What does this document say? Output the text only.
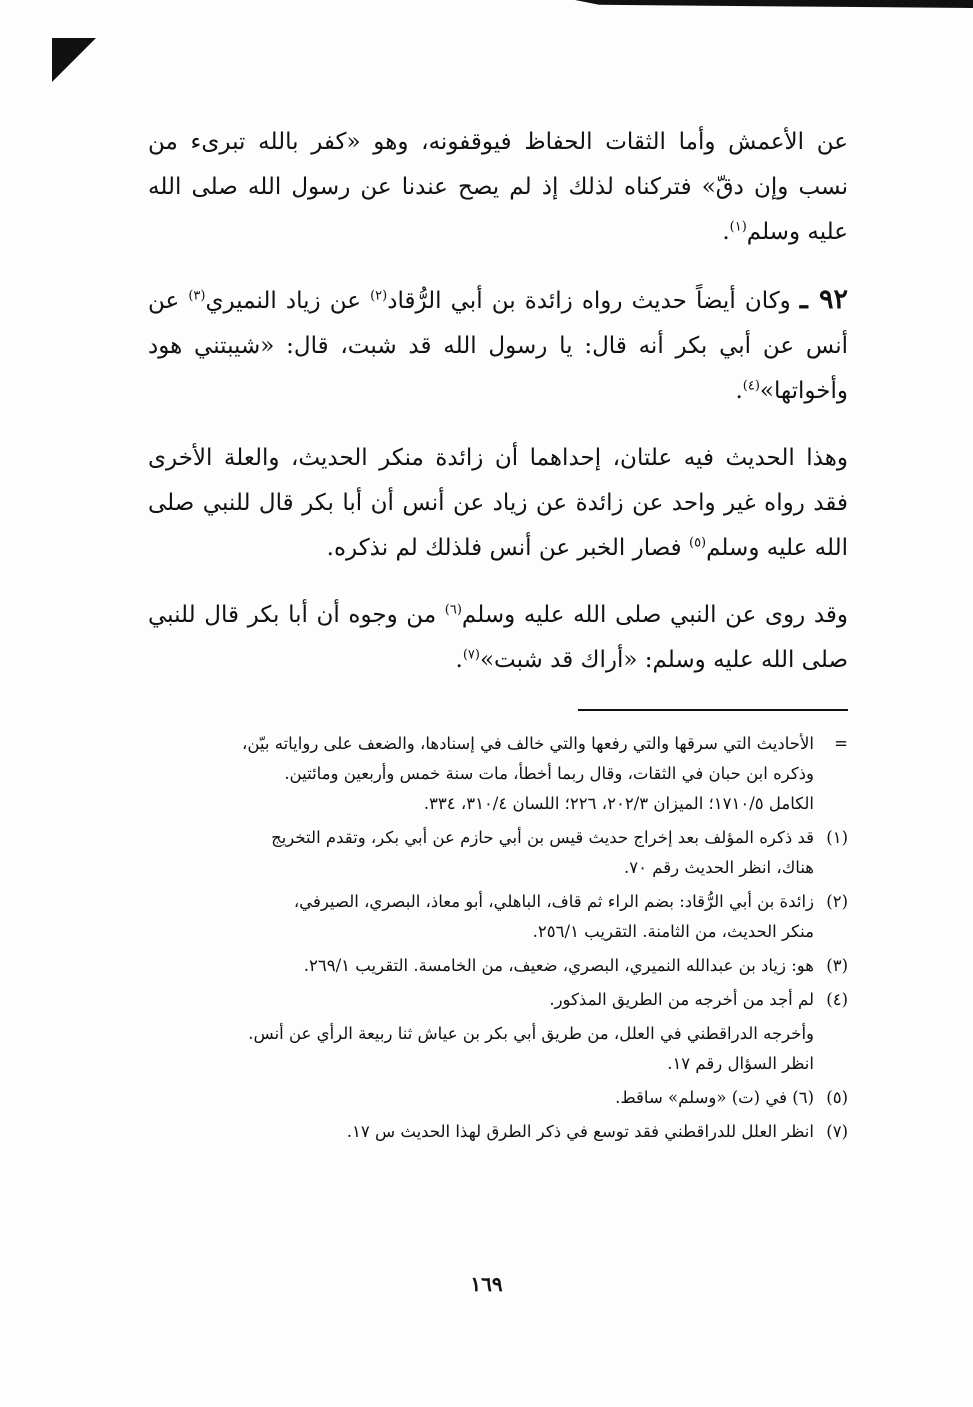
عن الأعمش وأما الثقات الحفاظ فيوقفونه، وهو «كفر بالله تبرىء من نسب وإن دقّ» فتركناه لذلك إذ لم يصح عندنا عن رسول الله صلى الله عليه وسلم$^{(١)}$.

٩٢ ـ وكان أيضاً حديث رواه زائدة بن أبي الرُّقاد$^{(٢)}$ عن زياد النميري$^{(٣)}$ عن أنس عن أبي بكر أنه قال: يا رسول الله قد شبت، قال: «شيبتني هود وأخواتها»$^{(٤)}$.

وهذا الحديث فيه علتان، إحداهما أن زائدة منكر الحديث، والعلة الأخرى فقد رواه غير واحد عن زائدة عن زياد عن أنس أن أبا بكر قال للنبي صلى الله عليه وسلم$^{(٥)}$ فصار الخبر عن أنس فلذلك لم نذكره.

وقد روى عن النبي صلى الله عليه وسلم$^{(٦)}$ من وجوه أن أبا بكر قال للنبي صلى الله عليه وسلم: «أراك قد شبت»$^{(٧)}$.

=
الأحاديث التي سرقها والتي رفعها والتي خالف في إسنادها، والضعف على رواياته بيّن،
وذكره ابن حبان في الثقات، وقال ربما أخطأ، مات سنة خمس وأربعين ومائتين.
الكامل ١٧١٠/٥؛ الميزان ٢٠٢/٣، ٢٢٦؛ اللسان ٣١٠/٤، ٣٣٤.
(١)
قد ذكره المؤلف بعد إخراج حديث قيس بن أبي حازم عن أبي بكر، وتقدم التخريج
هناك، انظر الحديث رقم ٧٠.
(٢)
زائدة بن أبي الرُّقاد: بضم الراء ثم قاف، الباهلي، أبو معاذ، البصري، الصيرفي،
منكر الحديث، من الثامنة. التقريب ٢٥٦/١.
(٣)
هو: زياد بن عبدالله النميري، البصري، ضعيف، من الخامسة. التقريب ٢٦٩/١.
(٤)
لم أجد من أخرجه من الطريق المذكور.
وأخرجه الدراقطني في العلل، من طريق أبي بكر بن عياش ثنا ربيعة الرأي عن أنس.
انظر السؤال رقم ١٧.
(٥)
(٦) في (ت) «وسلم» ساقط.
(٧)
انظر العلل للدراقطني فقد توسع في ذكر الطرق لهذا الحديث س ١٧.
١٦٩
